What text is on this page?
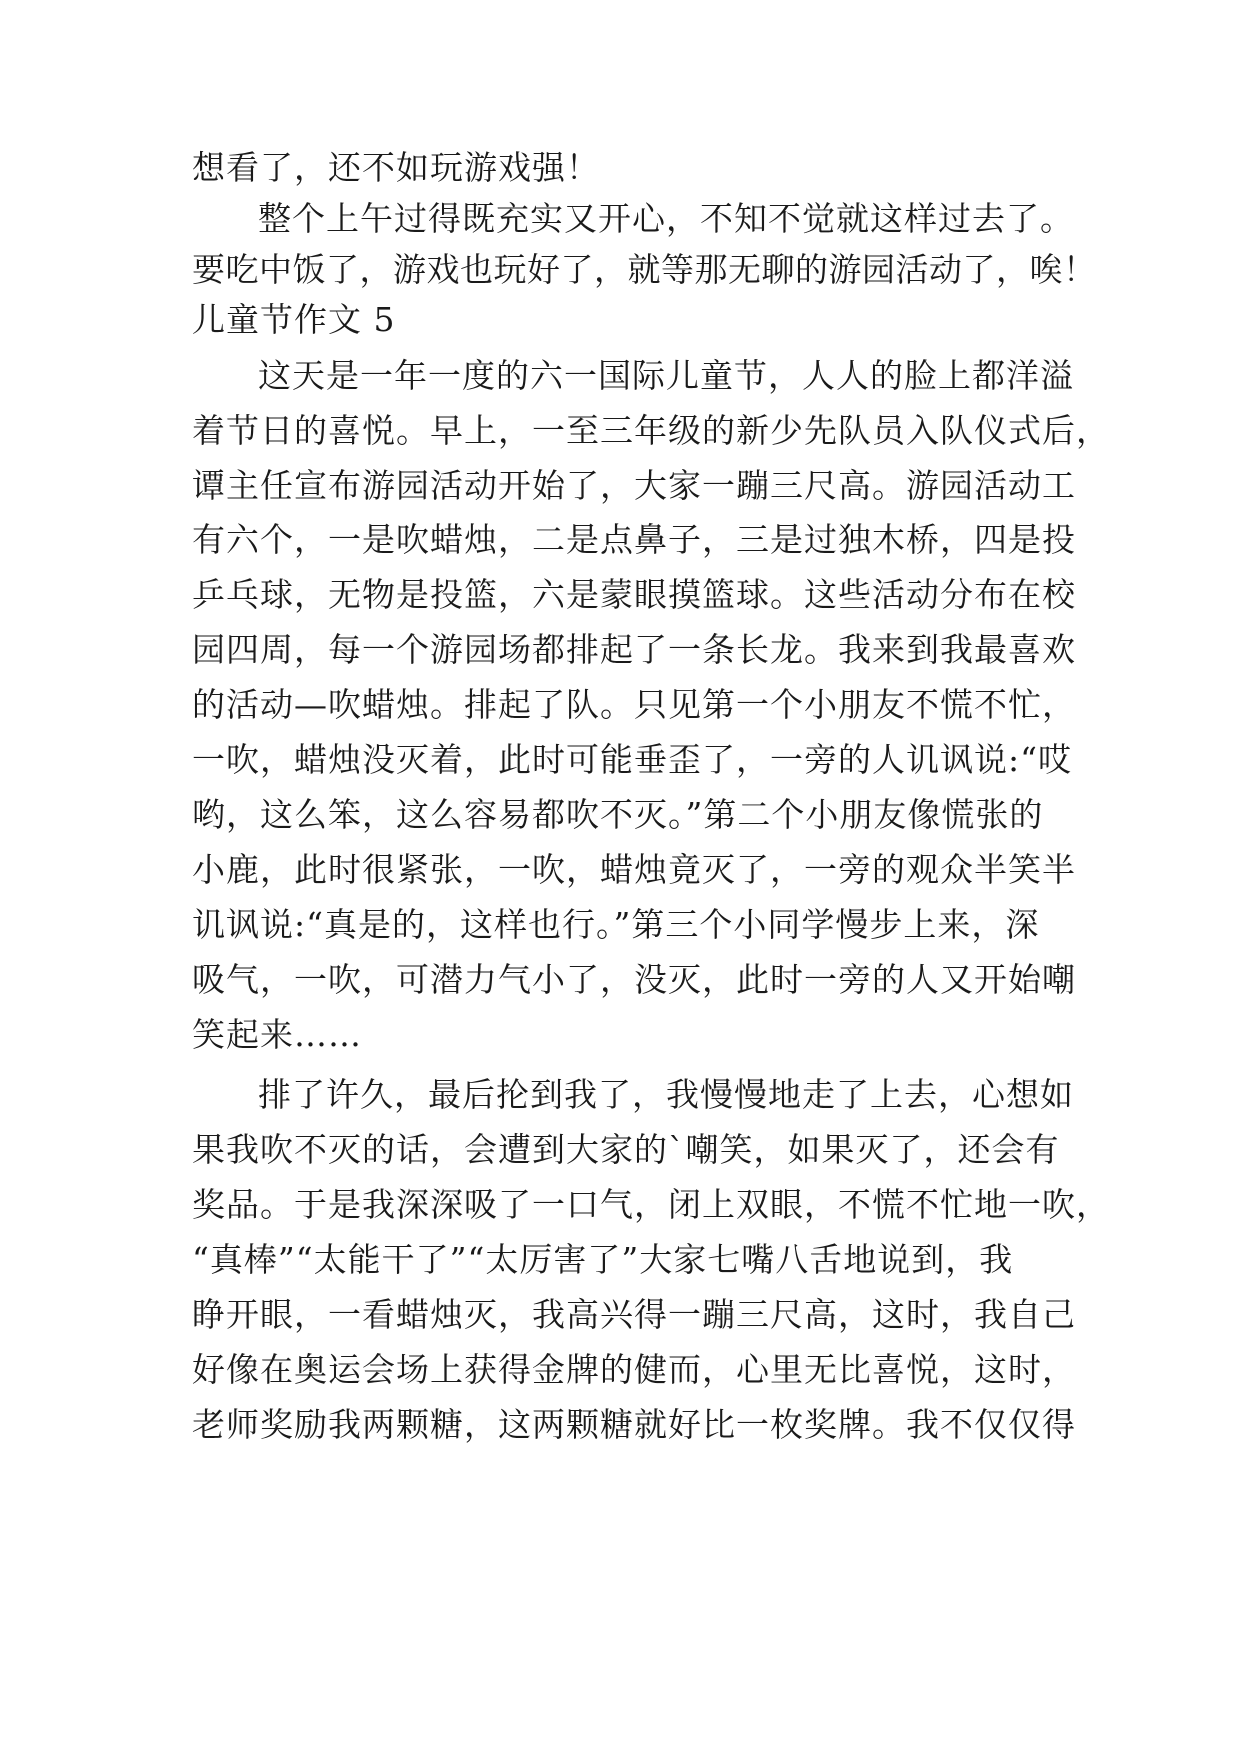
想看了，还不如玩游戏强！
整个上午过得既充实又开心，不知不觉就这样过去了。
要吃中饭了，游戏也玩好了，就等那无聊的游园活动了，唉！
儿童节作文 5
这天是一年一度的六一国际儿童节，人人的脸上都洋溢
着节日的喜悦。早上，一至三年级的新少先队员入队仪式后，
谭主任宣布游园活动开始了，大家一蹦三尺高。游园活动工
有六个，一是吹蜡烛，二是点鼻子，三是过独木桥，四是投
乒乓球，无物是投篮，六是蒙眼摸篮球。这些活动分布在校
园四周，每一个游园场都排起了一条长龙。我来到我最喜欢
的活动—吹蜡烛。排起了队。只见第一个小朋友不慌不忙，
一吹，蜡烛没灭着，此时可能垂歪了，一旁的人讥讽说:“哎
哟，这么笨，这么容易都吹不灭。”第二个小朋友像慌张的
小鹿，此时很紧张，一吹，蜡烛竟灭了，一旁的观众半笑半
讥讽说:“真是的，这样也行。”第三个小同学慢步上来，深
吸气，一吹，可潜力气小了，没灭，此时一旁的人又开始嘲
笑起来……
排了许久，最后抡到我了，我慢慢地走了上去，心想如
果我吹不灭的话，会遭到大家的`嘲笑，如果灭了，还会有
奖品。于是我深深吸了一口气，闭上双眼，不慌不忙地一吹，
“真棒”“太能干了”“太厉害了”大家七嘴八舌地说到，我
睁开眼，一看蜡烛灭，我高兴得一蹦三尺高，这时，我自己
好像在奥运会场上获得金牌的健而，心里无比喜悦，这时，
老师奖励我两颗糖，这两颗糖就好比一枚奖牌。我不仅仅得
